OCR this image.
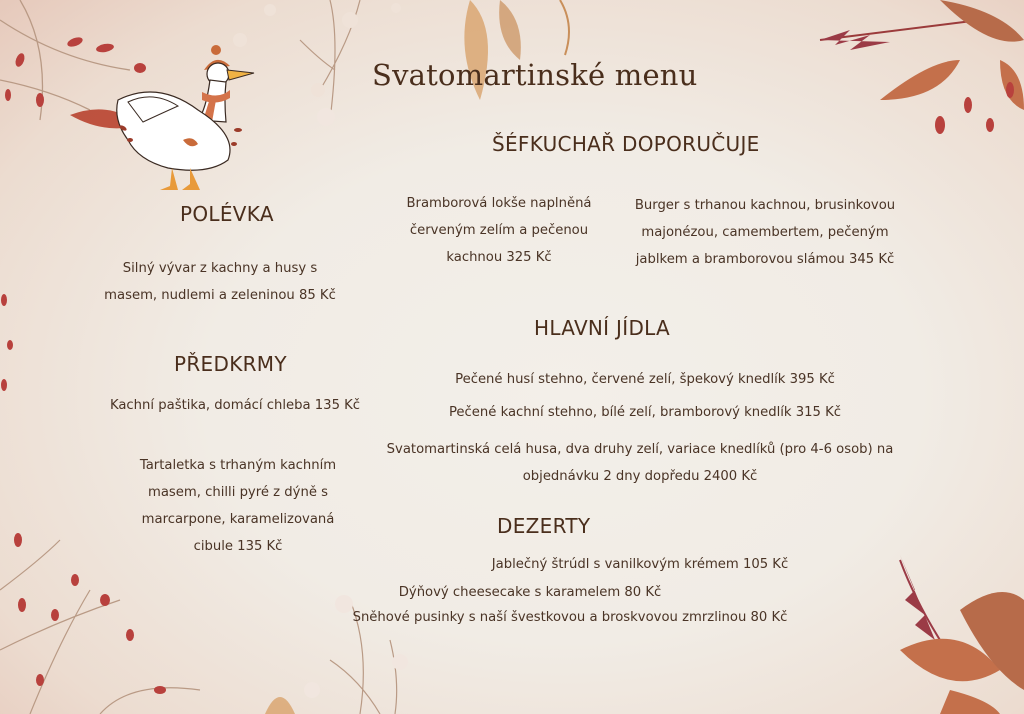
Svatomartinské menu
ŠÉFKUCHAŘ DOPORUČUJE
Bramborová lokše naplněná
červeným zelím a pečenou
kachnou 325 Kč
Burger s trhanou kachnou, brusinkovou
majonézou, camembertem, pečeným
jablkem a bramborovou slámou 345 Kč
POLÉVKA
Silný vývar z kachny a husy s
masem, nudlemi a zeleninou 85 Kč
PŘEDKRMY
Kachní paštika, domácí chleba 135 Kč
Tartaletka s trhaným kachním
masem, chilli pyré z dýně s
marcarpone, karamelizovaná
cibule 135 Kč
HLAVNÍ JÍDLA
Pečené husí stehno, červené zelí, špekový knedlík 395 Kč
Pečené kachní stehno, bílé zelí, bramborový knedlík 315 Kč
Svatomartinská celá husa, dva druhy zelí, variace knedlíků (pro 4-6 osob) na
objednávku 2 dny dopředu 2400 Kč
DEZERTY
Jablečný štrúdl s vanilkovým krémem 105 Kč
Dýňový cheesecake s karamelem 80 Kč
Sněhové pusinky s naší švestkovou a broskvovou zmrzlinou 80 Kč
